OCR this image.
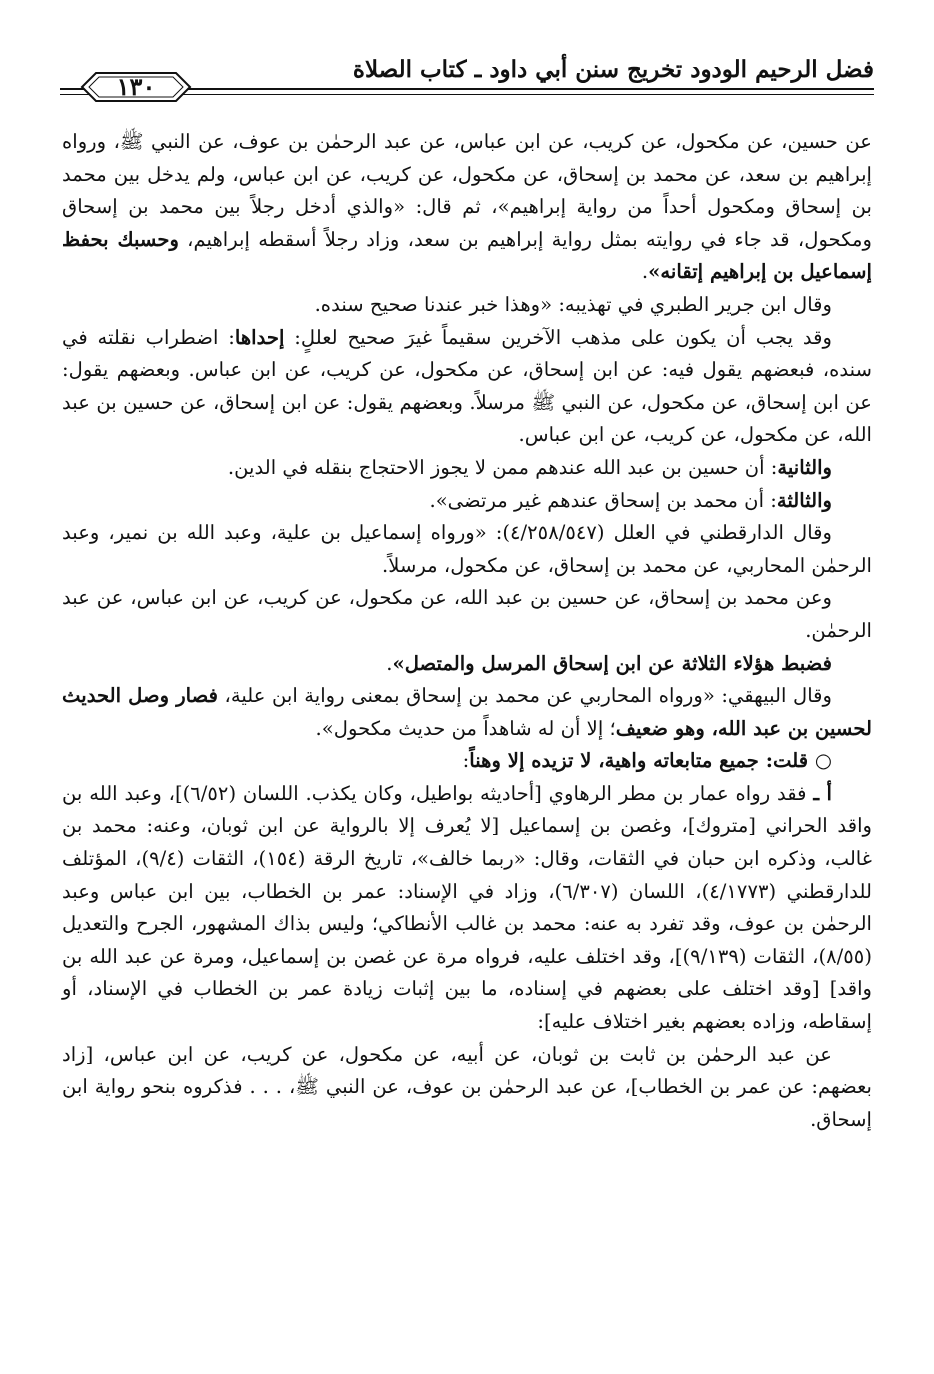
فضل الرحيم الودود تخريج سنن أبي داود ـ كتاب الصلاة
١٣٠

عن حسين، عن مكحول، عن كريب، عن ابن عباس، عن عبد الرحمٰن بن عوف، عن النبي ﷺ، ورواه إبراهيم بن سعد، عن محمد بن إسحاق، عن مكحول، عن كريب، عن ابن عباس، ولم يدخل بين محمد بن إسحاق ومكحول أحداً من رواية إبراهيم»، ثم قال: «والذي أدخل رجلاً بين محمد بن إسحاق ومكحول، قد جاء في روايته بمثل رواية إبراهيم بن سعد، وزاد رجلاً أسقطه إبراهيم، وحسبك بحفظ إسماعيل بن إبراهيم إتقانه».

وقال ابن جرير الطبري في تهذيبه: «وهذا خبر عندنا صحيح سنده.

وقد يجب أن يكون على مذهب الآخرين سقيماً غيرَ صحيح لعللٍ: إحداها: اضطراب نقلته في سنده، فبعضهم يقول فيه: عن ابن إسحاق، عن مكحول، عن كريب، عن ابن عباس. وبعضهم يقول: عن ابن إسحاق، عن مكحول، عن النبي ﷺ مرسلاً. وبعضهم يقول: عن ابن إسحاق، عن حسين بن عبد الله، عن مكحول، عن كريب، عن ابن عباس.

والثانية: أن حسين بن عبد الله عندهم ممن لا يجوز الاحتجاج بنقله في الدين.

والثالثة: أن محمد بن إسحاق عندهم غير مرتضى».

وقال الدارقطني في العلل (٤/٢٥٨/٥٤٧): «ورواه إسماعيل بن علية، وعبد الله بن نمير، وعبد الرحمٰن المحاربي، عن محمد بن إسحاق، عن مكحول، مرسلاً.

وعن محمد بن إسحاق، عن حسين بن عبد الله، عن مكحول، عن كريب، عن ابن عباس، عن عبد الرحمٰن.

فضبط هؤلاء الثلاثة عن ابن إسحاق المرسل والمتصل».

وقال البيهقي: «ورواه المحاربي عن محمد بن إسحاق بمعنى رواية ابن علية، فصار وصل الحديث لحسين بن عبد الله، وهو ضعيف؛ إلا أن له شاهداً من حديث مكحول».

○ قلت: جميع متابعاته واهية، لا تزيده إلا وهناً:

أ ـ فقد رواه عمار بن مطر الرهاوي [أحاديثه بواطيل، وكان يكذب. اللسان (٦/٥٢)]، وعبد الله بن واقد الحراني [متروك]، وغصن بن إسماعيل [لا يُعرف إلا بالرواية عن ابن ثوبان، وعنه: محمد بن غالب، وذكره ابن حبان في الثقات، وقال: «ربما خالف»، تاريخ الرقة (١٥٤)، الثقات (٩/٤)، المؤتلف للدارقطني (٤/١٧٧٣)، اللسان (٦/٣٠٧)، وزاد في الإسناد: عمر بن الخطاب، بين ابن عباس وعبد الرحمٰن بن عوف، وقد تفرد به عنه: محمد بن غالب الأنطاكي؛ وليس بذاك المشهور، الجرح والتعديل (٨/٥٥)، الثقات (٩/١٣٩)]، وقد اختلف عليه، فرواه مرة عن غصن بن إسماعيل، ومرة عن عبد الله بن واقد] [وقد اختلف على بعضهم في إسناده، ما بين إثبات زيادة عمر بن الخطاب في الإسناد، أو إسقاطه، وزاده بعضهم بغير اختلاف عليه]:

عن عبد الرحمٰن بن ثابت بن ثوبان، عن أبيه، عن مكحول، عن كريب، عن ابن عباس، [زاد بعضهم: عن عمر بن الخطاب]، عن عبد الرحمٰن بن عوف، عن النبي ﷺ، . . . فذكروه بنحو رواية ابن إسحاق.
